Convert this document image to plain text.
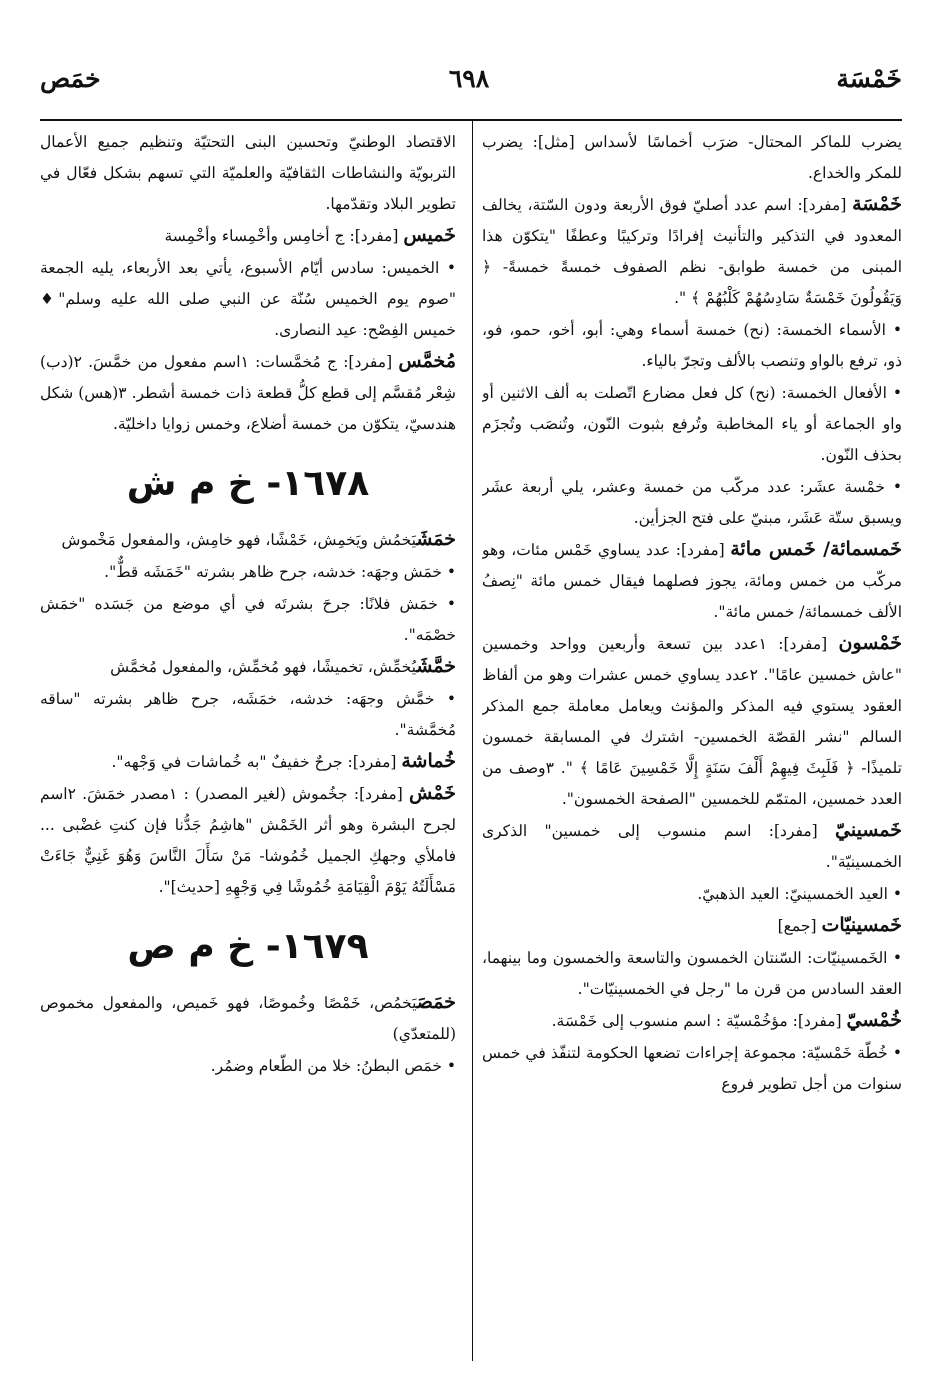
خَمْسَة
٦٩٨
خمَص

يضرب للماكر المحتال- ضرَب أخماسًا لأسداس [مثل]: يضرب للمكر والخداع.

خَمْسَة [مفرد]: اسم عدد أصليّ فوق الأربعة ودون السّتة، يخالف المعدود في التذكير والتأنيث إفرادًا وتركيبًا وعطفًا "يتكوّن هذا المبنى من خمسة طوابق- نظم الصفوف خمسةً خمسةً- ﴿ وَيَقُولُونَ خَمْسَةٌ سَادِسُهُمْ كَلْبُهُمْ ﴾ ".

• الأسماء الخمسة: (نح) خمسة أسماء وهي: أبو، أخو، حمو، فو، ذو، ترفع بالواو وتنصب بالألف وتجرّ بالياء.

• الأفعال الخمسة: (نح) كل فعل مضارع اتّصلت به ألف الاثنين أو واو الجماعة أو ياء المخاطبة وتُرفع بثبوت النّون، وتُنصَب وتُجزَم بحذف النّون.

• خمْسة عشَر: عدد مركّب من خمسة وعشر، يلي أربعة عشَر ويسبق ستّة عَشَر، مبنيّ على فتح الجزأين.

خَمسمائة/ خَمس مائة [مفرد]: عدد يساوي خَمْس مئات، وهو مركّب من خمس ومائة، يجوز فصلهما فيقال خمس مائة "نِصفُ الألف خمسمائة/ خمس مائة".

خَمْسون [مفرد]: ١عدد بين تسعة وأربعين وواحد وخمسين "عاش خمسين عامًا". ٢عدد يساوي خمس عشرات وهو من ألفاظ العقود يستوي فيه المذكر والمؤنث ويعامل معاملة جمع المذكر السالم "نشر القصّة الخمسين- اشترك في المسابقة خمسون تلميذًا- ﴿ فَلَبِثَ فِيهِمْ أَلْفَ سَنَةٍ إِلَّا خَمْسِينَ عَامًا ﴾ ". ٣وصف من العدد خمسين، المتمّم للخمسين "الصفحة الخمسون".

خَمسينيّ [مفرد]: اسم منسوب إلى خمسين" الذكرى الخمسينيّة".

• العيد الخمسينيّ: العيد الذهبيّ.

خَمسينيّات [جمع]

• الخَمسينيّات: السّنتان الخمسون والتاسعة والخمسون وما بينهما، العقد السادس من قرن ما "رجل في الخمسينيّات".

خُمْسيّ [مفرد]: مؤخُمْسيّة : اسم منسوب إلى خَمْسَة.

• خُطّة خَمْسيّة: مجموعة إجراءات تضعها الحكومة لتنفّذ في خمس سنوات من أجل تطوير فروع

الاقتصاد الوطنيّ وتحسين البنى التحتيّة وتنظيم جميع الأعمال التربويّة والنشاطات الثقافيّة والعلميّة التي تسهم بشكل فعّال في تطوير البلاد وتقدّمها.

خَميس [مفرد]: ج أخامِس وأخْمِساء وأخْمِسة

• الخميس: سادس أيّام الأسبوع، يأتي بعد الأربعاء، يليه الجمعة "صوم يوم الخميس سُنّة عن النبي صلى الله عليه وسلم"♦ خميس الفِصْح: عيد النصارى.

مُخمَّس [مفرد]: ج مُخمَّسات: ١اسم مفعول من خمَّسَ. ٢(دب) شِعْر مُقسَّم إلى قطع كلُّ قطعة ذات خمسة أشطر. ٣(هس) شكل هندسيّ، يتكوّن من خمسة أضلاع، وخمس زوايا داخليّة.

١٦٧٨- خ م ش

خمَشَيَخمُش ويَخمِش، خَمْشًا، فهو خامِش، والمفعول مَخْموش

• خمَش وجهَه: خدشه، جرح ظاهر بشرته "خَمَشَه قطٌّ".

• خمَش فلانًا: جرحَ بشرتَه في أي موضع من جَسَده "خمَش خصْمَه".

خمَّشَيُخمِّش، تخميشًا، فهو مُخمِّش، والمفعول مُخمَّش

• خمَّش وجهَه: خدشه، خمَشَه، جرح ظاهر بشرته "ساقه مُخمَّشة".

خُماشة [مفرد]: جرحٌ خفيفٌ "به خُماشات في وَجْهه".

خَمْش [مفرد]: جخُموش (لغير المصدر) : ١مصدر خمَشَ. ٢اسم لجرح البشرة وهو أثر الخَمْش "هاشِمُ جَدُّنا فإن كنتِ غضْبى ... فاملأي وجهكِ الجميل خُمُوشا- مَنْ سَأَلَ النَّاسَ وَهُوَ غَنِيٌّ جَاءَتْ مَسْأَلَتُهُ يَوْمَ الْقِيَامَةِ خُمُوشًا فِي وَجْهِهِ [حديث]".

١٦٧٩- خ م ص

خمَصَيَخمُص، خَمْصًا وخُموصًا، فهو خَميص، والمفعول مخموص (للمتعدّي)

• خمَص البطنُ: خلا من الطّعام وضمُر.
